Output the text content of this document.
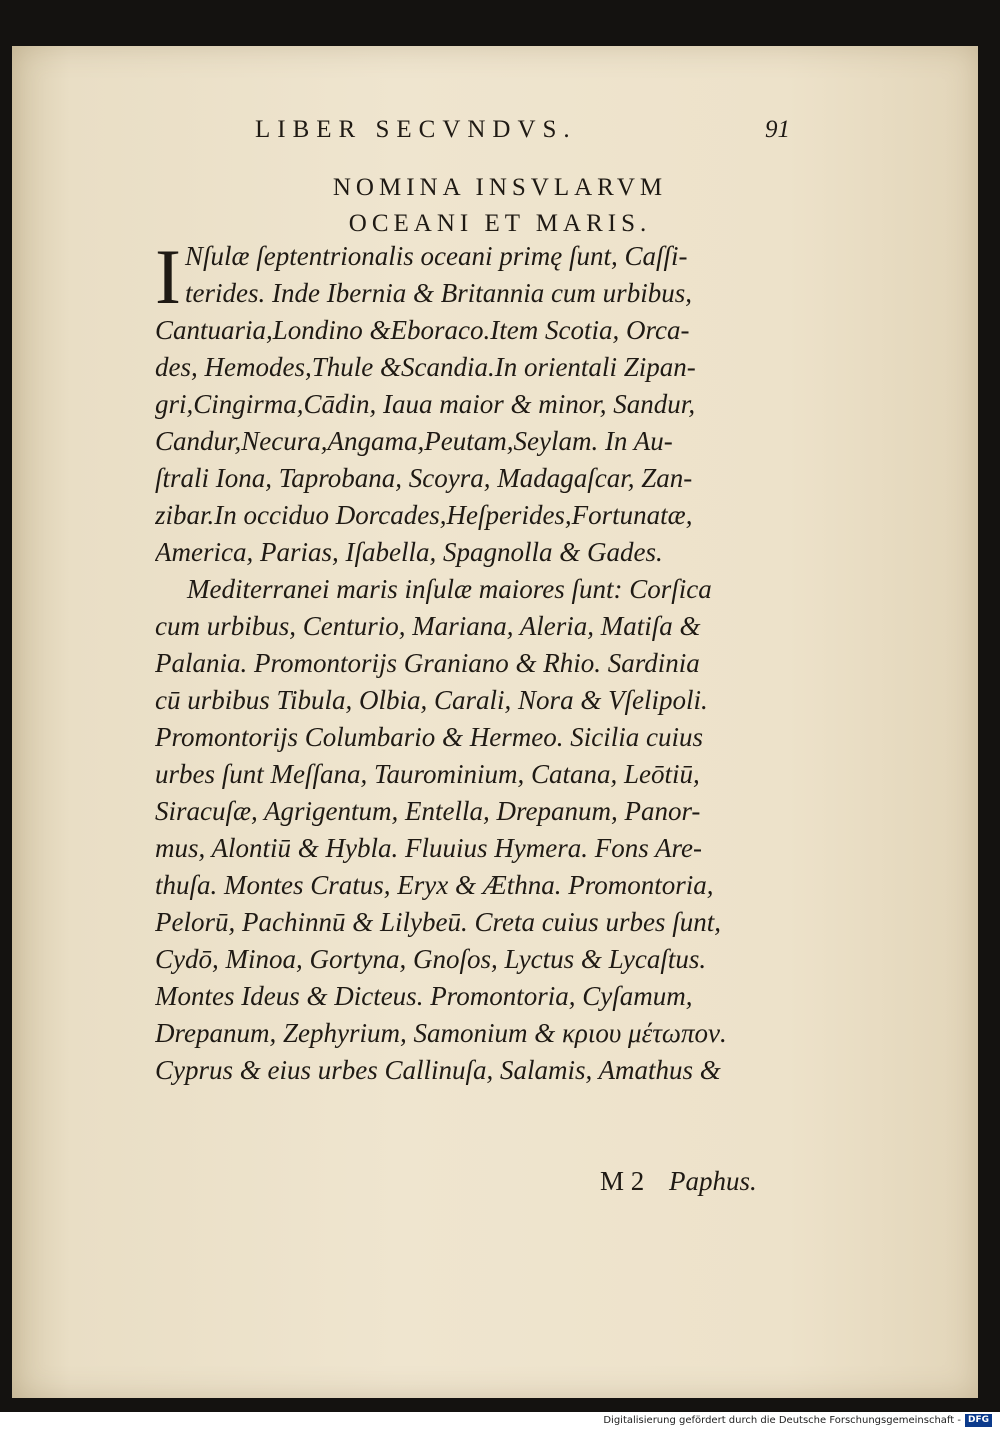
LIBER SECVNDVS.	91
NOMINA INSVLARVM
OCEANI ET MARIS.
I Nſulæ ſeptentrionalis oceani primę ſunt, Caſſi-
terides. Inde Ibernia & Britannia cum urbibus,
Cantuaria,Londino &Eboraco.Item Scotia, Orca-
des, Hemodes,Thule &Scandia.In orientali Zipan-
gri,Cingirma,Cādin, Iaua maior & minor, Sandur,
Candur,Necura,Angama,Peutam,Seylam. In Au-
ſtrali Iona, Taprobana, Scoyra, Madagaſcar, Zan-
zibar.In occiduo Dorcades,Heſperides,Fortunatæ,
America, Parias, Iſabella, Spagnolla & Gades.
Mediterranei maris inſulæ maiores ſunt: Corſica
cum urbibus, Centurio, Mariana, Aleria, Matiſa &
Palania. Promontorijs Graniano & Rhio. Sardinia
cū urbibus Tibula, Olbia, Carali, Nora & Vſelipoli.
Promontorijs Columbario & Hermeo. Sicilia cuius
urbes ſunt Meſſana, Taurominium, Catana, Leōtiū,
Siracuſæ, Agrigentum, Entella, Drepanum, Panor-
mus, Alontiū & Hybla. Fluuius Hymera. Fons Are-
thuſa. Montes Cratus, Eryx & Æthna. Promontoria,
Pelorū, Pachinnū & Lilybeū. Creta cuius urbes ſunt,
Cydō, Minoa, Gortyna, Gnoſos, Lyctus & Lycaſtus.
Montes Ideus & Dicteus. Promontoria, Cyſamum,
Drepanum, Zephyrium, Samonium & κριου μέτωπον.
Cyprus & eius urbes Callinuſa, Salamis, Amathus &
M 2 Paphus.
Digitalisierung gefördert durch die Deutsche Forschungsgemeinschaft - DFG
